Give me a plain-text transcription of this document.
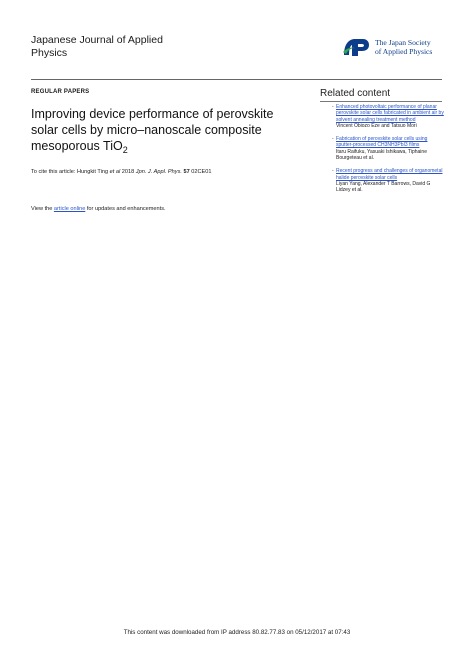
Japanese Journal of Applied
Physics
The Japan Society
of Applied Physics
REGULAR PAPERS
Improving device performance of perovskite solar cells by micro–nanoscale composite mesoporous TiO$_2$
To cite this article: Hungkit Ting et al 2018 Jpn. J. Appl. Phys. 57 02CE01
View the article online for updates and enhancements.
Related content
- Enhanced photovoltaic performance of planar perovskite solar cells fabricated in ambient air by solvent annealing treatment method
Vincent Obiozo Eze and Tatsuo Mori
- Fabrication of perovskite solar cells using sputter-processed CH3NH3PbI3 films
Itaru Raifuku, Yasuaki Ishikawa, Tiphaine Bourgeteau et al.
- Recent progress and challenges of organometal halide perovskite solar cells
Liyan Yang, Alexander T Barrows, David G Lidzey et al.
This content was downloaded from IP address 80.82.77.83 on 05/12/2017 at 07:43
